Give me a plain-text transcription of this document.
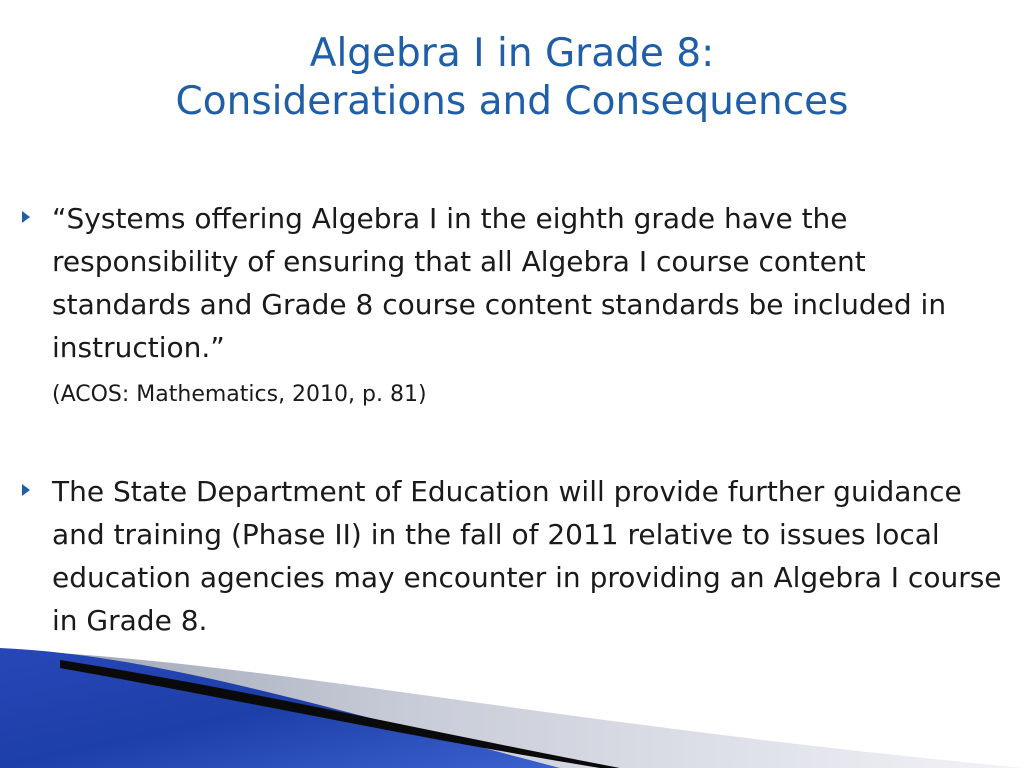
Algebra I in Grade 8:
Considerations and Consequences
“Systems offering Algebra I in the eighth grade have the responsibility of ensuring that all Algebra I course content standards and Grade 8 course content standards be included in instruction.”
(ACOS: Mathematics, 2010, p. 81)
The State Department of Education will provide further guidance and training (Phase II) in the fall of 2011 relative to issues local education agencies may encounter in providing an Algebra I course in Grade 8.
